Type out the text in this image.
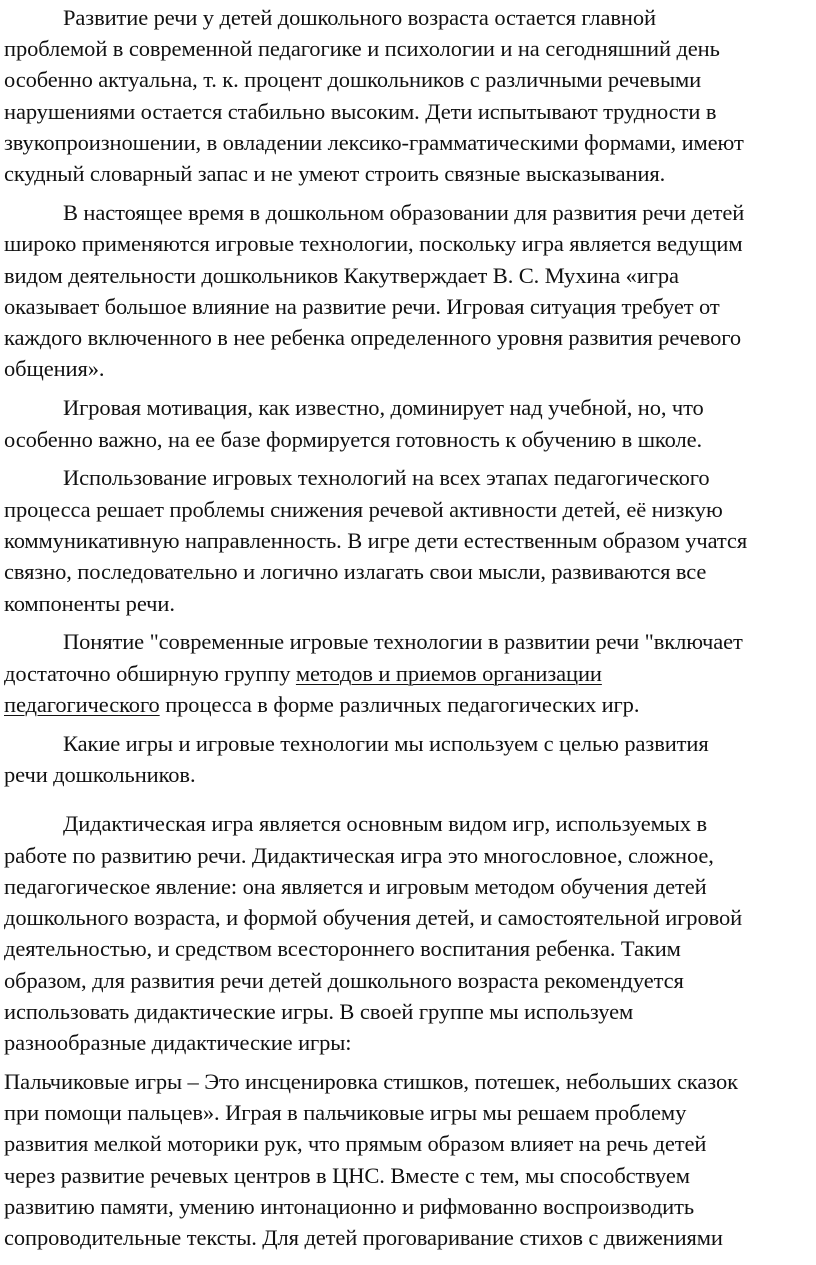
Развитие речи у детей дошкольного возраста остается главной
проблемой в современной педагогике и психологии и на сегодняшний день
особенно актуальна, т. к. процент дошкольников с различными речевыми
нарушениями остается стабильно высоким. Дети испытывают трудности в
звукопроизношении, в овладении лексико-грамматическими формами, имеют
скудный словарный запас и не умеют строить связные высказывания.
В настоящее время в дошкольном образовании для развития речи детей
широко применяются игровые технологии, поскольку игра является ведущим
видом деятельности дошкольников Какутверждает В. С. Мухина «игра
оказывает большое влияние на развитие речи. Игровая ситуация требует от
каждого включенного в нее ребенка определенного уровня развития речевого
общения».
Игровая мотивация, как известно, доминирует над учебной, но, что
особенно важно, на ее базе формируется готовность к обучению в школе.
Использование игровых технологий на всех этапах педагогического
процесса решает проблемы снижения речевой активности детей, её низкую
коммуникативную направленность. В игре дети естественным образом учатся
связно, последовательно и логично излагать свои мысли, развиваются все
компоненты речи.
Понятие "современные игровые технологии в развитии речи "включает
достаточно обширную группу методов и приемов организации
педагогического процесса в форме различных педагогических игр.
Какие игры и игровые технологии мы используем с целью развития
речи дошкольников.
Дидактическая игра является основным видом игр, используемых в
работе по развитию речи. Дидактическая игра это многословное, сложное,
педагогическое явление: она является и игровым методом обучения детей
дошкольного возраста, и формой обучения детей, и самостоятельной игровой
деятельностью, и средством всестороннего воспитания ребенка. Таким
образом, для развития речи детей дошкольного возраста рекомендуется
использовать дидактические игры. В своей группе мы используем
разнообразные дидактические игры:
Пальчиковые игры – Это инсценировка стишков, потешек, небольших сказок
при помощи пальцев». Играя в пальчиковые игры мы решаем проблему
развития мелкой моторики рук, что прямым образом влияет на речь детей
через развитие речевых центров в ЦНС. Вместе с тем, мы способствуем
развитию памяти, умению интонационно и рифмованно воспроизводить
сопроводительные тексты. Для детей проговаривание стихов с движениями
